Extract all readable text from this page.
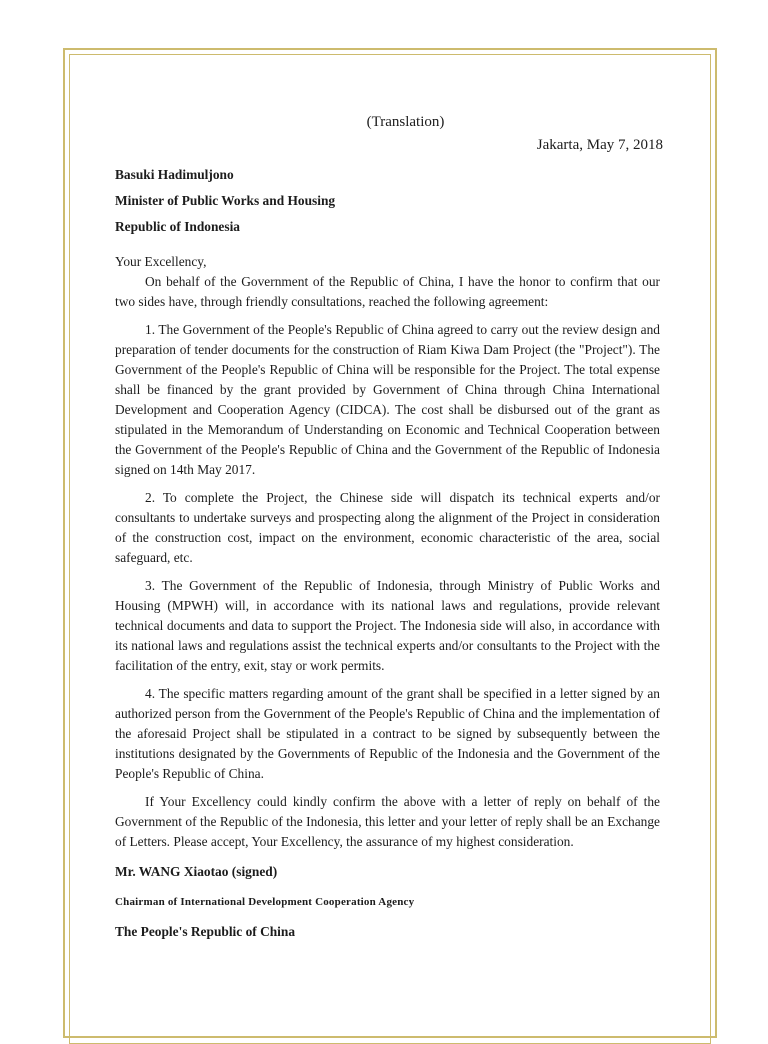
(Translation)
Jakarta, May 7, 2018
Basuki Hadimuljono
Minister of Public Works and Housing
Republic of Indonesia

Your Excellency,

On behalf of the Government of the Republic of China, I have the honor to confirm that our two sides have, through friendly consultations, reached the following agreement:

1. The Government of the People's Republic of China agreed to carry out the review design and preparation of tender documents for the construction of Riam Kiwa Dam Project (the "Project"). The Government of the People's Republic of China will be responsible for the Project. The total expense shall be financed by the grant provided by Government of China through China International Development and Cooperation Agency (CIDCA). The cost shall be disbursed out of the grant as stipulated in the Memorandum of Understanding on Economic and Technical Cooperation between the Government of the People's Republic of China and the Government of the Republic of Indonesia signed on 14th May 2017.

2. To complete the Project, the Chinese side will dispatch its technical experts and/or consultants to undertake surveys and prospecting along the alignment of the Project in consideration of the construction cost, impact on the environment, economic characteristic of the area, social safeguard, etc.

3. The Government of the Republic of Indonesia, through Ministry of Public Works and Housing (MPWH) will, in accordance with its national laws and regulations, provide relevant technical documents and data to support the Project. The Indonesia side will also, in accordance with its national laws and regulations assist the technical experts and/or consultants to the Project with the facilitation of the entry, exit, stay or work permits.

4. The specific matters regarding amount of the grant shall be specified in a letter signed by an authorized person from the Government of the People's Republic of China and the implementation of the aforesaid Project shall be stipulated in a contract to be signed by subsequently between the institutions designated by the Governments of Republic of the Indonesia and the Government of the People's Republic of China.

If Your Excellency could kindly confirm the above with a letter of reply on behalf of the Government of the Republic of the Indonesia, this letter and your letter of reply shall be an Exchange of Letters. Please accept, Your Excellency, the assurance of my highest consideration.

Mr. WANG Xiaotao (signed)
Chairman of International Development Cooperation Agency
The People's Republic of China
